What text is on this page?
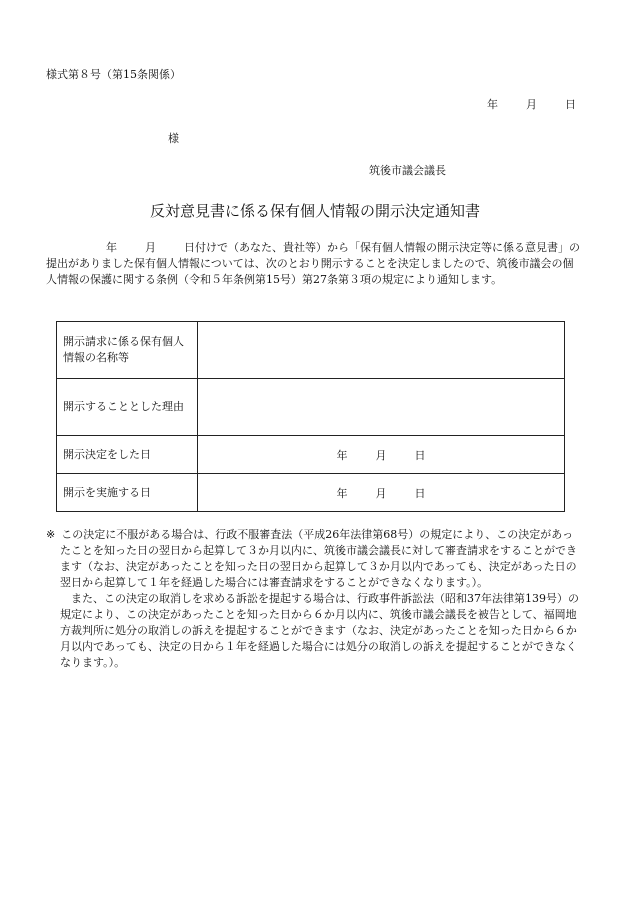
様式第８号（第15条関係）
年	月	日
様
筑後市議会議長
反対意見書に係る保有個人情報の開示決定通知書
年	月	日付けで（あなた、貴社等）から「保有個人情報の開示決定等に係る意見書」の提出がありました保有個人情報については、次のとおり開示することを決定しましたので、筑後市議会の個人情報の保護に関する条例（令和５年条例第15号）第27条第３項の規定により通知します。
開示請求に係る保有個人情報の名称等	
開示することとした理由	
開示決定をした日	年 月 日
開示を実施する日	年 月 日

※ この決定に不服がある場合は、行政不服審査法（平成26年法律第68号）の規定により、この決定があったことを知った日の翌日から起算して３か月以内に、筑後市議会議長に対して審査請求をすることができます（なお、決定があったことを知った日の翌日から起算して３か月以内であっても、決定があった日の翌日から起算して１年を経過した場合には審査請求をすることができなくなります。）。

また、この決定の取消しを求める訴訟を提起する場合は、行政事件訴訟法（昭和37年法律第139号）の規定により、この決定があったことを知った日から６か月以内に、筑後市議会議長を被告として、福岡地方裁判所に処分の取消しの訴えを提起することができます（なお、決定があったことを知った日から６か月以内であっても、決定の日から１年を経過した場合には処分の取消しの訴えを提起することができなくなります。）。
